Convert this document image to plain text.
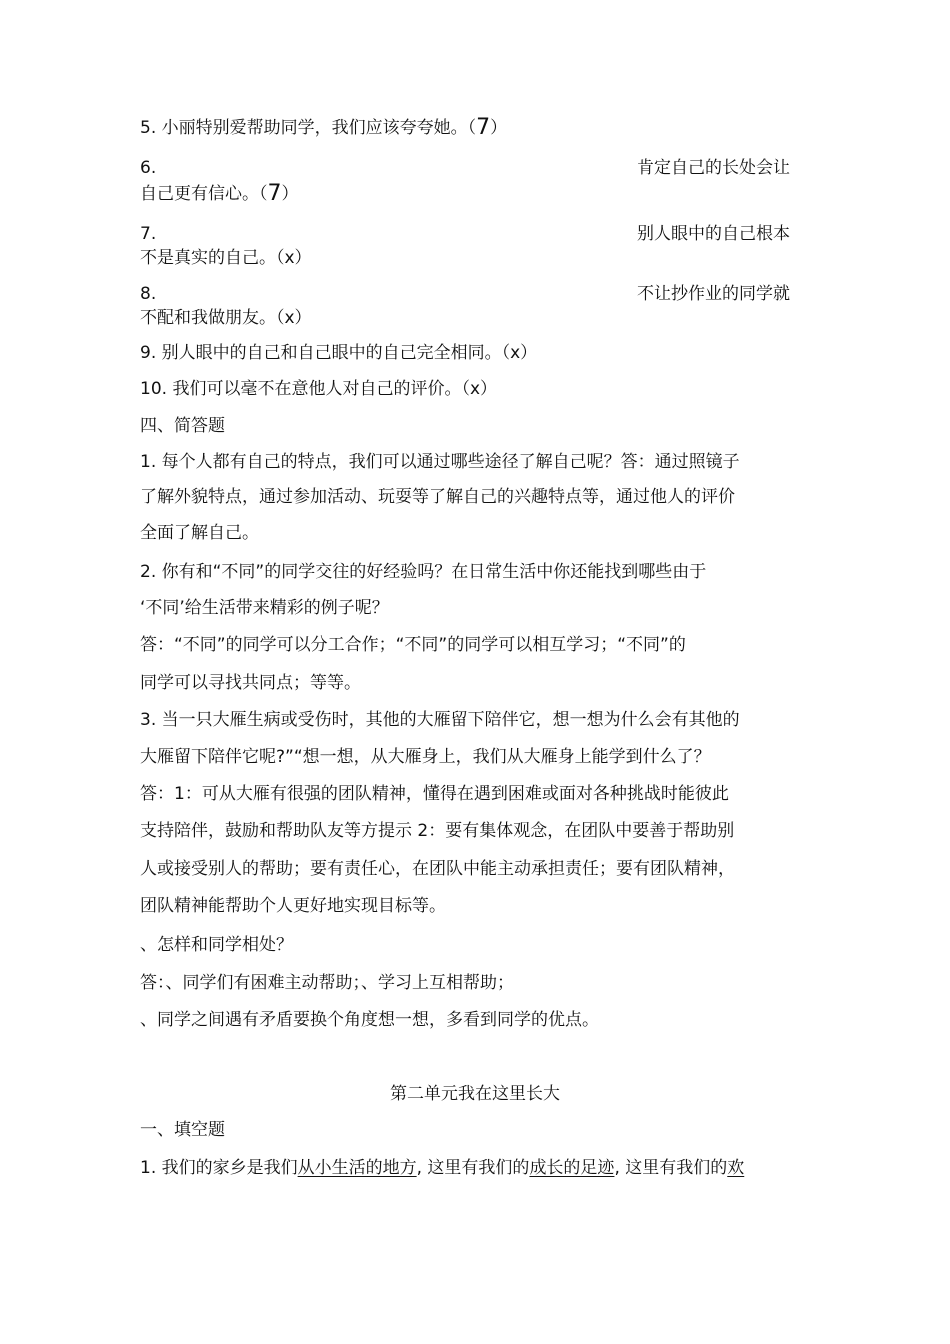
5. 小丽特别爱帮助同学，我们应该夸夸她。（7）
6.	肯定自己的长处会让
自己更有信心。（7）
7.	别人眼中的自己根本
不是真实的自己。（x）
8.	不让抄作业的同学就
不配和我做朋友。（x）
9. 别人眼中的自己和自己眼中的自己完全相同。（x）
10. 我们可以毫不在意他人对自己的评价。（x）
四、简答题
1. 每个人都有自己的特点，我们可以通过哪些途径了解自己呢？答：通过照镜子
了解外貌特点，通过参加活动、玩耍等了解自己的兴趣特点等，通过他人的评价
全面了解自己。
2. 你有和“不同”的同学交往的好经验吗？在日常生活中你还能找到哪些由于
‘不同’给生活带来精彩的例子呢？
答：“不同”的同学可以分工合作；“不同”的同学可以相互学习；“不同”的
同学可以寻找共同点；等等。
3. 当一只大雁生病或受伤时，其他的大雁留下陪伴它，想一想为什么会有其他的
大雁留下陪伴它呢?”“想一想，从大雁身上，我们从大雁身上能学到什么了？
答：1：可从大雁有很强的团队精神，懂得在遇到困难或面对各种挑战时能彼此
支持陪伴，鼓励和帮助队友等方提示 2：要有集体观念，在团队中要善于帮助别
人或接受别人的帮助；要有责任心，在团队中能主动承担责任；要有团队精神，
团队精神能帮助个人更好地实现目标等。
、怎样和同学相处？
答：、同学们有困难主动帮助；、学习上互相帮助；
、同学之间遇有矛盾要换个角度想一想，多看到同学的优点。
第二单元我在这里长大
一、填空题
1. 我们的家乡是我们从小生活的地方, 这里有我们的成长的足迹, 这里有我们的欢
